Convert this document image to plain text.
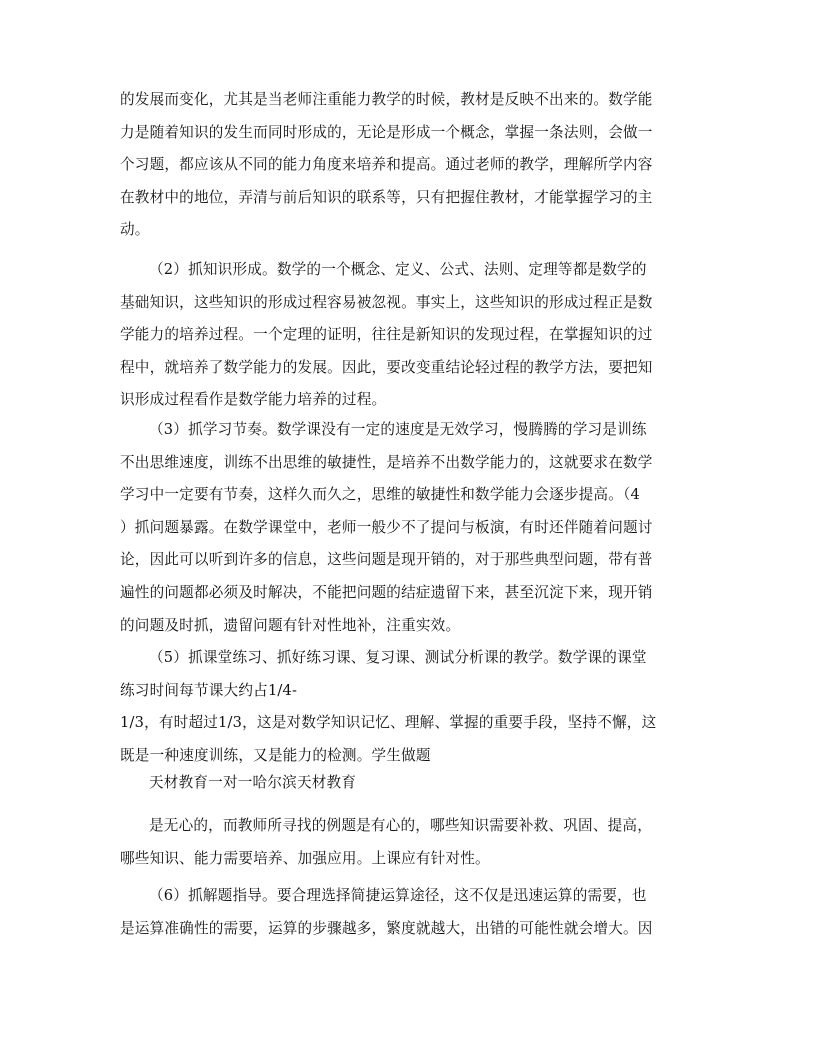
的发展而变化，尤其是当老师注重能力教学的时候，教材是反映不出来的。数学能
力是随着知识的发生而同时形成的，无论是形成一个概念，掌握一条法则，会做一
个习题，都应该从不同的能力角度来培养和提高。通过老师的教学，理解所学内容
在教材中的地位，弄清与前后知识的联系等，只有把握住教材，才能掌握学习的主
动。

（2）抓知识形成。数学的一个概念、定义、公式、法则、定理等都是数学的
基础知识，这些知识的形成过程容易被忽视。事实上，这些知识的形成过程正是数
学能力的培养过程。一个定理的证明，往往是新知识的发现过程，在掌握知识的过
程中，就培养了数学能力的发展。因此，要改变重结论轻过程的教学方法，要把知
识形成过程看作是数学能力培养的过程。

（3）抓学习节奏。数学课没有一定的速度是无效学习，慢腾腾的学习是训练
不出思维速度，训练不出思维的敏捷性，是培养不出数学能力的，这就要求在数学
学习中一定要有节奏，这样久而久之，思维的敏捷性和数学能力会逐步提高。（4
）抓问题暴露。在数学课堂中，老师一般少不了提问与板演，有时还伴随着问题讨
论，因此可以听到许多的信息，这些问题是现开销的，对于那些典型问题，带有普
遍性的问题都必须及时解决，不能把问题的结症遗留下来，甚至沉淀下来，现开销
的问题及时抓，遗留问题有针对性地补，注重实效。

（5）抓课堂练习、抓好练习课、复习课、测试分析课的教学。数学课的课堂
练习时间每节课大约占1/4-
1/3，有时超过1/3，这是对数学知识记忆、理解、掌握的重要手段，坚持不懈，这
既是一种速度训练，又是能力的检测。学生做题

天材教育一对一哈尔滨天材教育

是无心的，而教师所寻找的例题是有心的，哪些知识需要补救、巩固、提高，
哪些知识、能力需要培养、加强应用。上课应有针对性。

（6）抓解题指导。要合理选择简捷运算途径，这不仅是迅速运算的需要，也
是运算准确性的需要，运算的步骤越多，繁度就越大，出错的可能性就会增大。因
